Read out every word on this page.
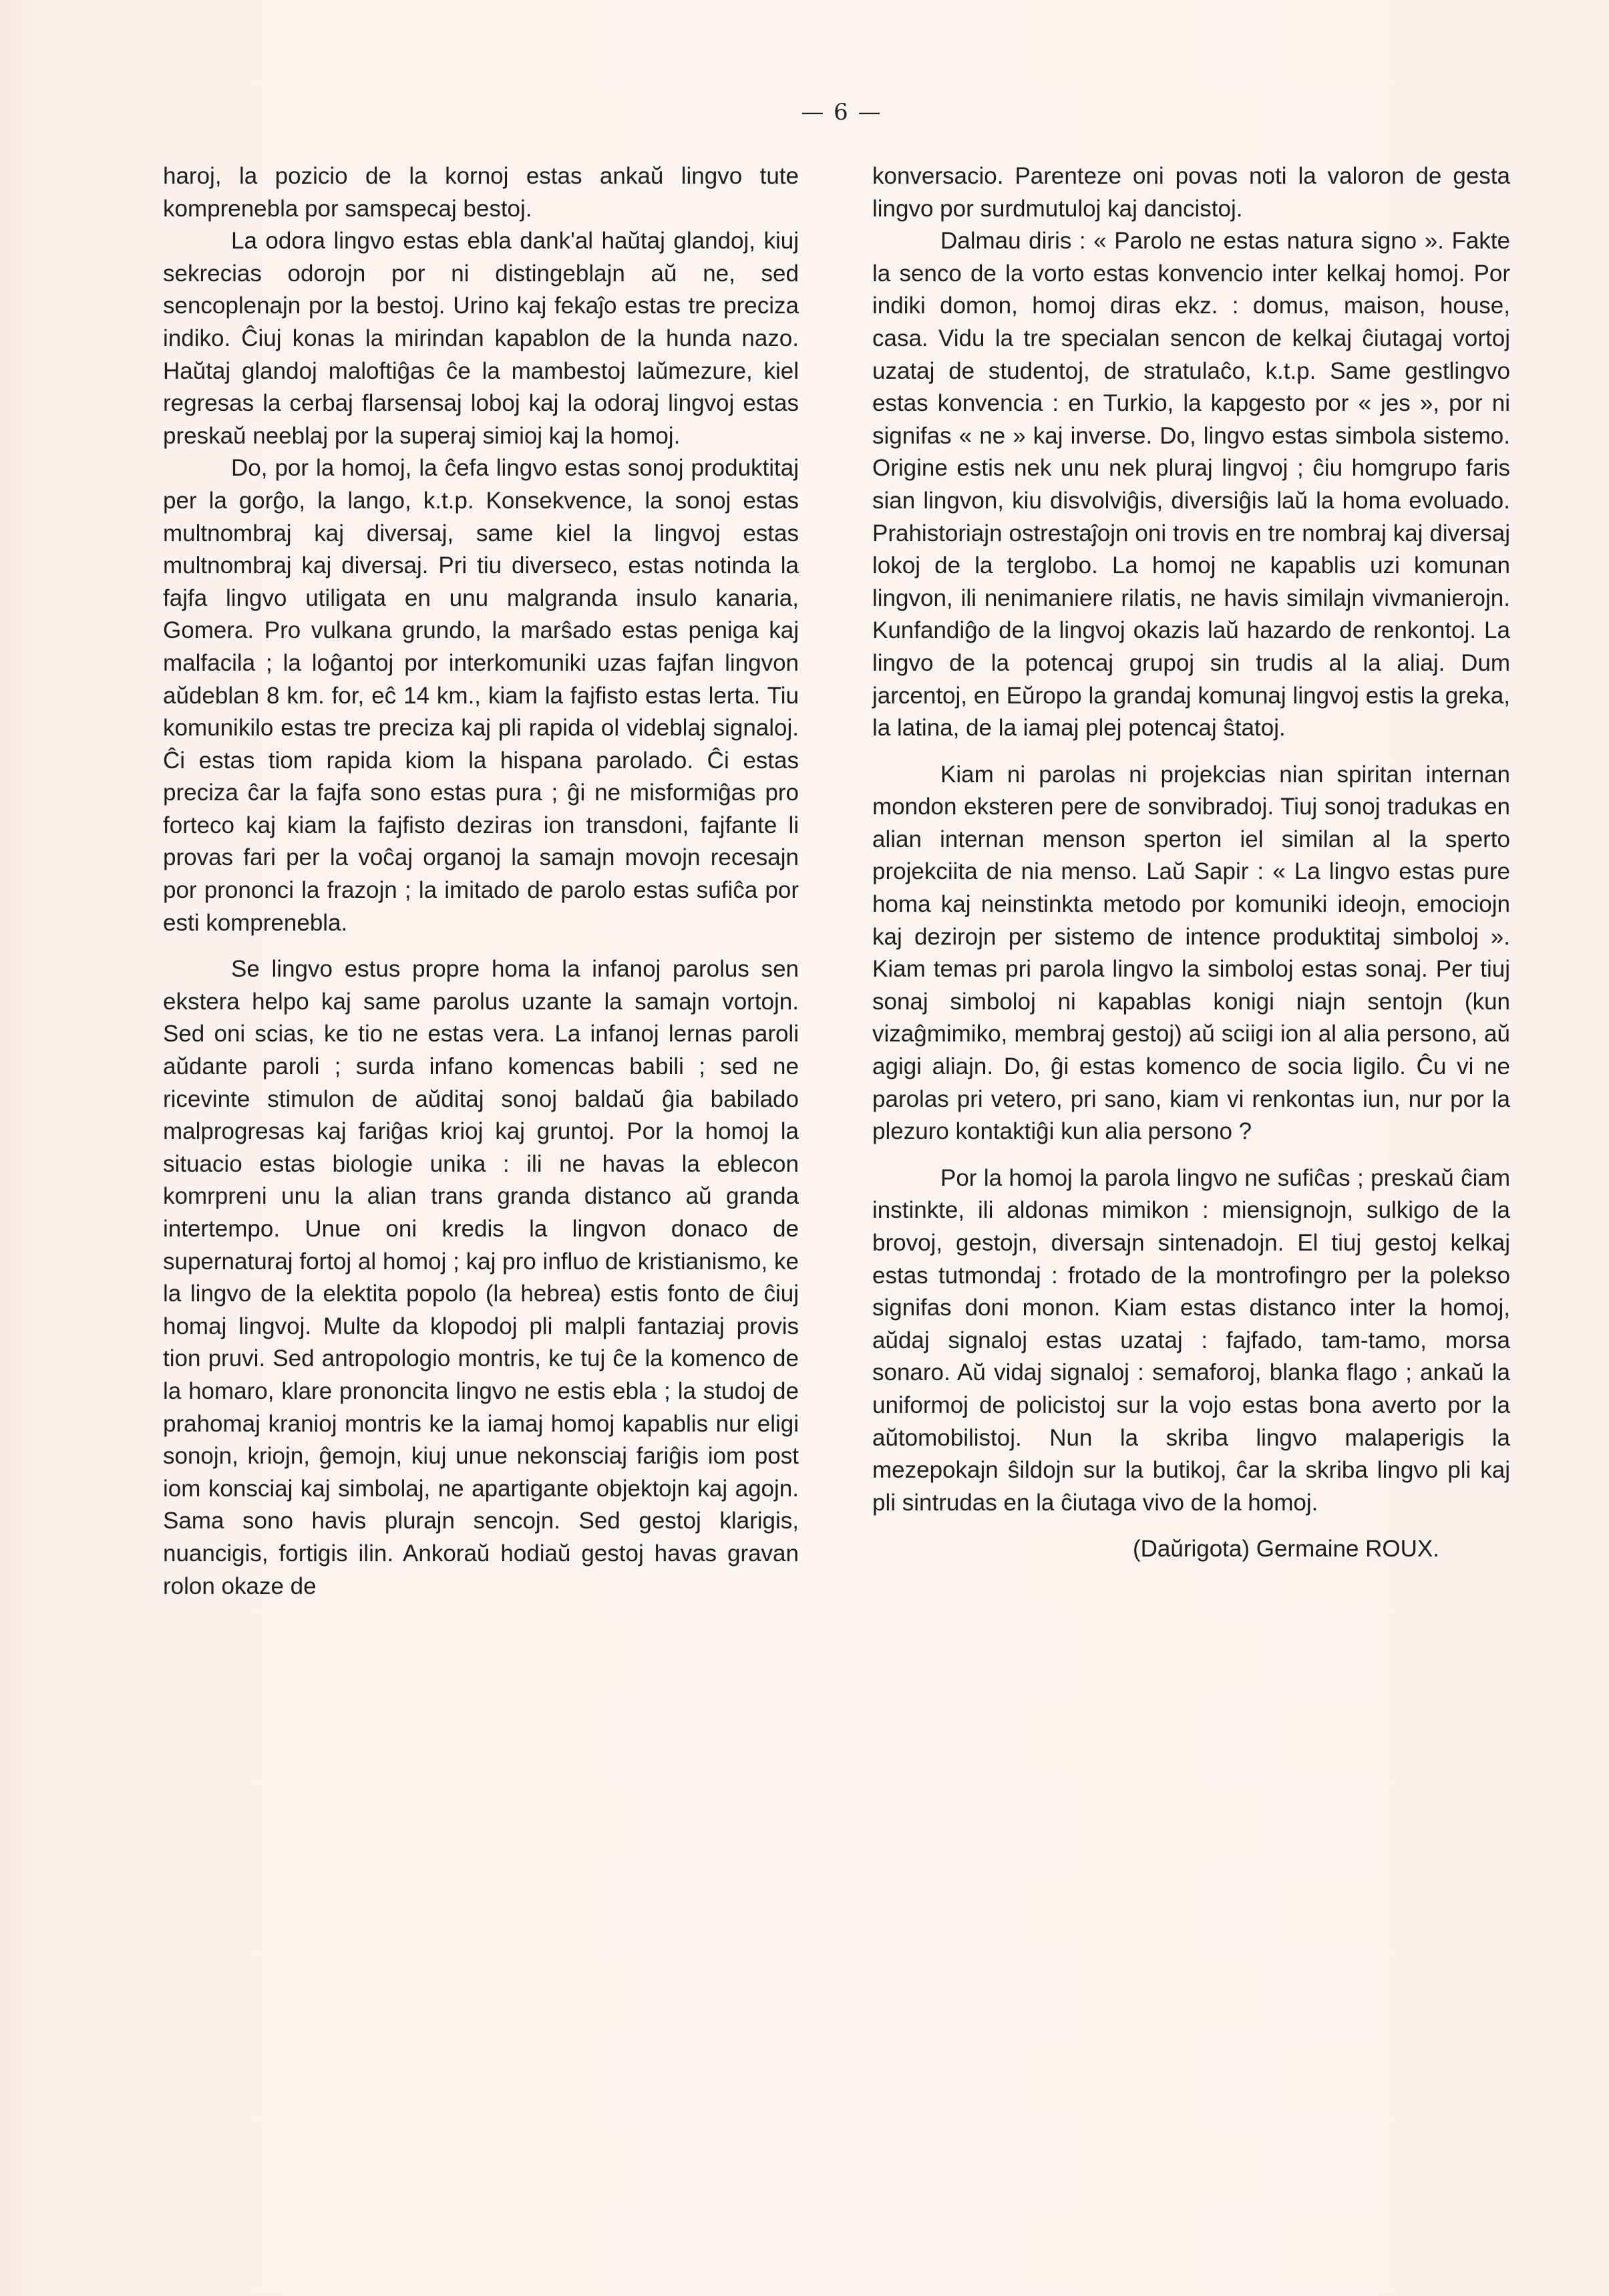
— 6 —

haroj, la pozicio de la kornoj estas ankaŭ lingvo tute komprenebla por samspecaj bestoj.

La odora lingvo estas ebla dank'al haŭtaj glandoj, kiuj sekrecias odorojn por ni distingeblajn aŭ ne, sed sencoplenajn por la bestoj. Urino kaj fekaĵo estas tre preciza indiko. Ĉiuj konas la mirindan kapablon de la hunda nazo. Haŭtaj glandoj maloftiĝas ĉe la mambestoj laŭmezure, kiel regresas la cerbaj flarsensaj loboj kaj la odoraj lingvoj estas preskaŭ neeblaj por la superaj simioj kaj la homoj.

Do, por la homoj, la ĉefa lingvo estas sonoj produktitaj per la gorĝo, la lango, k.t.p. Konsekvence, la sonoj estas multnombraj kaj diversaj, same kiel la lingvoj estas multnombraj kaj diversaj. Pri tiu diverseco, estas notinda la fajfa lingvo utiligata en unu malgranda insulo kanaria, Gomera. Pro vulkana grundo, la marŝado estas peniga kaj malfacila ; la loĝantoj por interkomuniki uzas fajfan lingvon aŭdeblan 8 km. for, eĉ 14 km., kiam la fajfisto estas lerta. Tiu komunikilo estas tre preciza kaj pli rapida ol videblaj signaloj. Ĉi estas tiom rapida kiom la hispana parolado. Ĉi estas preciza ĉar la fajfa sono estas pura ; ĝi ne misformiĝas pro forteco kaj kiam la fajfisto deziras ion transdoni, fajfante li provas fari per la voĉaj organoj la samajn movojn recesajn por prononci la frazojn ; la imitado de parolo estas sufiĉa por esti komprenebla.

Se lingvo estus propre homa la infanoj parolus sen ekstera helpo kaj same parolus uzante la samajn vortojn. Sed oni scias, ke tio ne estas vera. La infanoj lernas paroli aŭdante paroli ; surda infano komencas babili ; sed ne ricevinte stimulon de aŭditaj sonoj baldaŭ ĝia babilado malprogresas kaj fariĝas krioj kaj gruntoj. Por la homoj la situacio estas biologie unika : ili ne havas la eblecon komrpreni unu la alian trans granda distanco aŭ granda intertempo. Unue oni kredis la lingvon donaco de supernaturaj fortoj al homoj ; kaj pro influo de kristianismo, ke la lingvo de la elektita popolo (la hebrea) estis fonto de ĉiuj homaj lingvoj. Multe da klopodoj pli malpli fantaziaj provis tion pruvi. Sed antropologio montris, ke tuj ĉe la komenco de la homaro, klare prononcita lingvo ne estis ebla ; la studoj de prahomaj kranioj montris ke la iamaj homoj kapablis nur eligi sonojn, kriojn, ĝemojn, kiuj unue nekonsciaj fariĝis iom post iom konsciaj kaj simbolaj, ne apartigante objektojn kaj agojn. Sama sono havis plurajn sencojn. Sed gestoj klarigis, nuancigis, fortigis ilin. Ankoraŭ hodiaŭ gestoj havas gravan rolon okaze de

konversacio. Parenteze oni povas noti la valoron de gesta lingvo por surdmutuloj kaj dancistoj.

Dalmau diris : « Parolo ne estas natura signo ». Fakte la senco de la vorto estas konvencio inter kelkaj homoj. Por indiki domon, homoj diras ekz. : domus, maison, house, casa. Vidu la tre specialan sencon de kelkaj ĉiutagaj vortoj uzataj de studentoj, de stratulaĉo, k.t.p. Same gestlingvo estas konvencia : en Turkio, la kapgesto por « jes », por ni signifas « ne » kaj inverse. Do, lingvo estas simbola sistemo. Origine estis nek unu nek pluraj lingvoj ; ĉiu homgrupo faris sian lingvon, kiu disvolviĝis, diversiĝis laŭ la homa evoluado. Prahistoriajn ostrestaĵojn oni trovis en tre nombraj kaj diversaj lokoj de la terglobo. La homoj ne kapablis uzi komunan lingvon, ili nenimaniere rilatis, ne havis similajn vivmanierojn. Kunfandiĝo de la lingvoj okazis laŭ hazardo de renkontoj. La lingvo de la potencaj grupoj sin trudis al la aliaj. Dum jarcentoj, en Eŭropo la grandaj komunaj lingvoj estis la greka, la latina, de la iamaj plej potencaj ŝtatoj.

Kiam ni parolas ni projekcias nian spiritan internan mondon eksteren pere de sonvibradoj. Tiuj sonoj tradukas en alian internan menson sperton iel similan al la sperto projekciita de nia menso. Laŭ Sapir : « La lingvo estas pure homa kaj neinstinkta metodo por komuniki ideojn, emociojn kaj dezirojn per sistemo de intence produktitaj simboloj ». Kiam temas pri parola lingvo la simboloj estas sonaj. Per tiuj sonaj simboloj ni kapablas konigi niajn sentojn (kun vizaĝmimiko, membraj gestoj) aŭ sciigi ion al alia persono, aŭ agigi aliajn. Do, ĝi estas komenco de socia ligilo. Ĉu vi ne parolas pri vetero, pri sano, kiam vi renkontas iun, nur por la plezuro kontaktiĝi kun alia persono ?

Por la homoj la parola lingvo ne sufiĉas ; preskaŭ ĉiam instinkte, ili aldonas mimikon : miensignojn, sulkigo de la brovoj, gestojn, diversajn sintenadojn. El tiuj gestoj kelkaj estas tutmondaj : frotado de la montrofingro per la polekso signifas doni monon. Kiam estas distanco inter la homoj, aŭdaj signaloj estas uzataj : fajfado, tam-tamo, morsa sonaro. Aŭ vidaj signaloj : semaforoj, blanka flago ; ankaŭ la uniformoj de policistoj sur la vojo estas bona averto por la aŭtomobilistoj. Nun la skriba lingvo malaperigis la mezepokajn ŝildojn sur la butikoj, ĉar la skriba lingvo pli kaj pli sintrudas en la ĉiutaga vivo de la homoj.

(Daŭrigota) Germaine ROUX.
